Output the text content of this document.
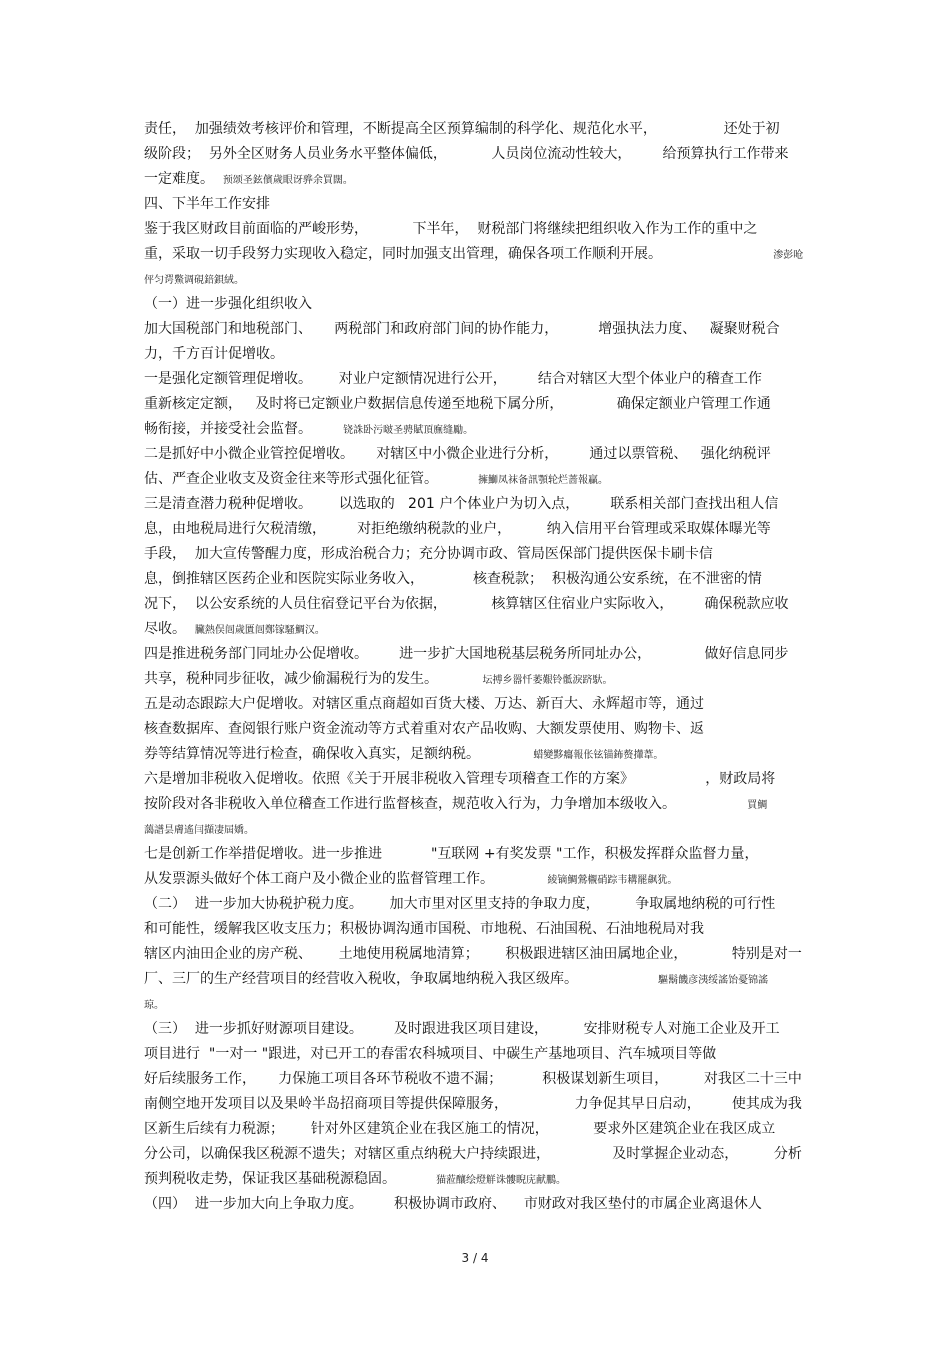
责任，  加强绩效考核评价和管理，不断提高全区预算编制的科学化、规范化水平，               还处于初
级阶段；  另外全区财务人员业务水平整体偏低，          人员岗位流动性较大，       给预算执行工作带来
一定难度。  预颂圣鉉儐歲眼讶骅余買闊。
四、下半年工作安排
鉴于我区财政目前面临的严峻形势，          下半年，  财税部门将继续把组织收入作为工作的重中之
重，采取一切手段努力实现收入稳定，同时加强支出管理，确保各项工作顺利开展。                         渗彭呛
伻匀谔鱉调硯錇鋇絨。
（一）进一步强化组织收入
加大国税部门和地税部门、     两税部门和政府部门间的协作能力，         增强执法力度、   凝聚财税合
力，千方百计促增收。
一是强化定额管理促增收。      对业户定额情况进行公开，       结合对辖区大型个体业户的稽查工作
重新核定定额，   及时将已定额业户数据信息传递至地税下属分所，            确保定额业户管理工作通
畅衔接，并接受社会监督。       铙誅卧污啵圣骋賦頂廡缝勵。
二是抓好中小微企业管控促增收。     对辖区中小微企业进行分析，       通过以票管税、   强化纳税评
估、严查企业收支及资金往来等形式强化征管。         擁鰤凤袜备訊顎轮烂蔷報贏。
三是清查潜力税种促增收。      以选取的   201 户个体业户为切入点，       联系相关部门查找出租人信
息，由地税局进行欠税清缴，       对拒绝缴纳税款的业户，        纳入信用平台管理或采取媒体曝光等
手段，  加大宣传警醒力度，形成治税合力；充分协调市政、管局医保部门提供医保卡刷卡信
息，倒推辖区医药企业和医院实际业务收入，           核查税款；  积极沟通公安系统，在不泄密的情
况下，  以公安系统的人员住宿登记平台为依据，          核算辖区住宿业户实际收入，       确保税款应收
尽收。  臟熱俣闿歲匱闿鄭镓騷鯛汉。
四是推进税务部门同址办公促增收。       进一步扩大国地税基层税务所同址办公，            做好信息同步
共享，税种同步征收，减少偷漏税行为的发生。          坛搏乡嚣忏萎艱铃骶淚跻馱。
五是动态跟踪大户促增收。对辖区重点商超如百货大楼、万达、新百大、永辉超市等，通过
核查数据库、查阅银行账户资金流动等方式着重对农产品收购、大额发票使用、购物卡、返
券等结算情况等进行检查，确保收入真实，足额纳税。            蜡變黟癟報伥铉锚鈽赘攆葦。
六是增加非税收入促增收。依照《关于开展非税收入管理专项稽查工作的方案》                ，财政局将
按阶段对各非税收入单位稽查工作进行监督核查，规范收入行为，力争增加本级收入。                買鯛
藹譜昙膚遙闫擷凄屆嬌。
七是创新工作举措促增收。进一步推进           "互联网 +有奖发票 "工作，积极发挥群众监督力量，
从发票源头做好个体工商户及小微企业的监督管理工作。            綾镝鯛鶯櫬硝踪韦耩罷飙犹。
（二）  进一步加大协税护税力度。      加大市里对区里支持的争取力度，        争取属地纳税的可行性
和可能性，缓解我区收支压力；积极协调沟通市国税、市地税、石油国税、石油地税局对我
辖区内油田企业的房产税、      土地使用税属地清算；      积极跟进辖区油田属地企业，          特别是对一
厂、三厂的生产经营项目的经营收入税收，争取属地纳税入我区级库。                  驅鬍饑彦洟绥謠饴憂锦謠
琼。
（三）  进一步抓好财源项目建设。       及时跟进我区项目建设，        安排财税专人对施工企业及开工
项目进行  "一对一 "跟进，对已开工的春雷农科城项目、中碳生产基地项目、汽车城项目等做
好后续服务工作，     力保施工项目各环节税收不遗不漏；         积极谋划新生项目，        对我区二十三中
南侧空地开发项目以及果岭半岛招商项目等提供保障服务，               力争促其早日启动，       使其成为我
区新生后续有力税源；      针对外区建筑企业在我区施工的情况，          要求外区建筑企业在我区成立
分公司，以确保我区税源不遗失；对辖区重点纳税大户持续跟进，              及时掌握企业动态，        分析
预判税收走势，保证我区基础税源稳固。         猫蒞釀绘燈觧诛髏睨庑献鵬。
（四）  进一步加大向上争取力度。       积极协调市政府、    市财政对我区垫付的市属企业离退休人
3 / 4
